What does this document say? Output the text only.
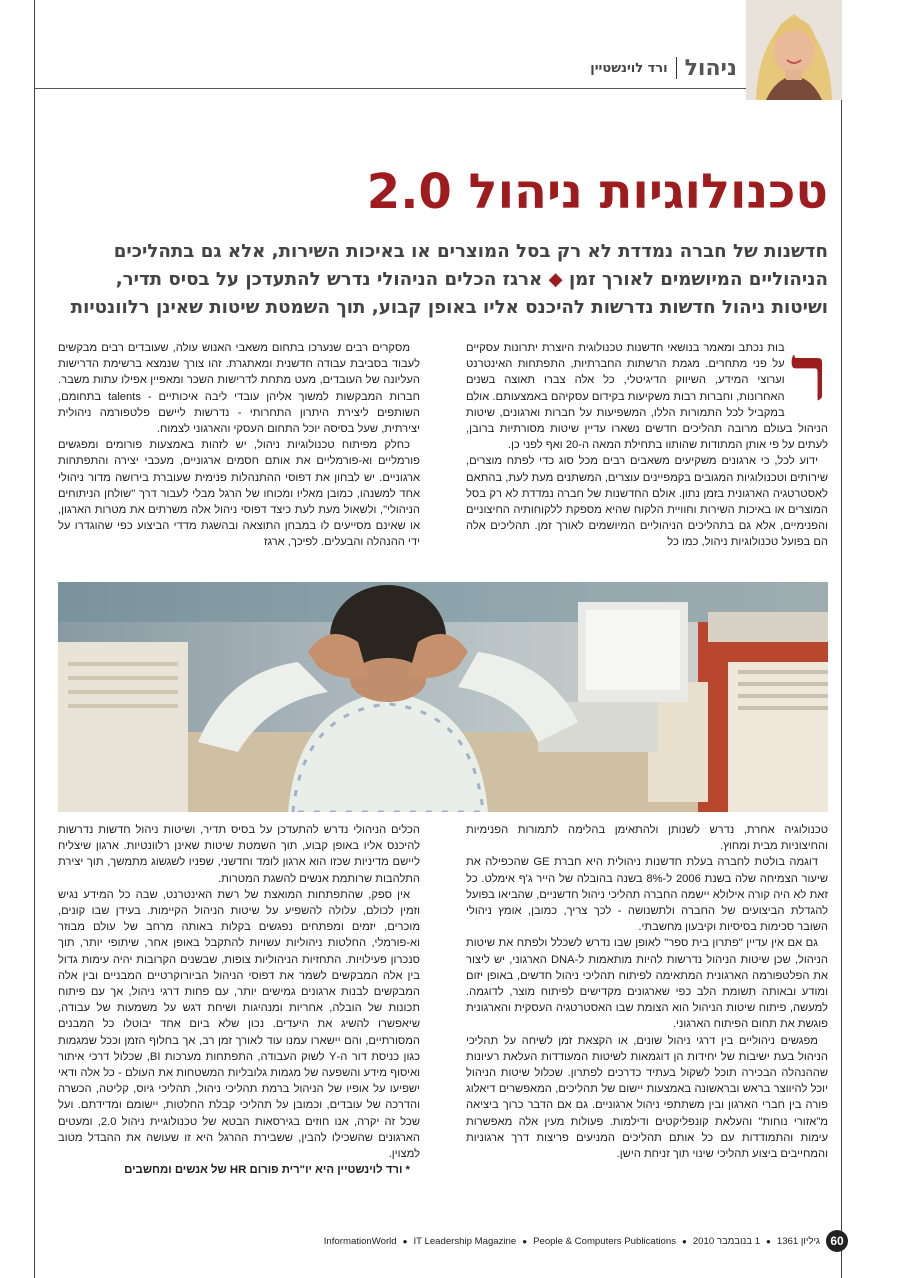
ניהול
ורד לוינשטיין
טכנולוגיות ניהול 2.0
חדשנות של חברה נמדדת לא רק בסל המוצרים או באיכות השירות, אלא גם בתהליכים הניהוליים המיושמים לאורך זמן ◆ ארגז הכלים הניהולי נדרש להתעדכן על בסיס תדיר, ושיטות ניהול חדשות נדרשות להיכנס אליו באופן קבוע, תוך השמטת שיטות שאינן רלוונטיות
ר

בות נכתב ומאמר בנושאי חדשנות טכנולוגית היוצרת יתרונות עסקיים על פני מתחרים. מגמת הרשתות החברתיות, התפתחות האינטרנט וערוצי המידע, השיווק הדיגיטלי, כל אלה צברו תאוצה בשנים האחרונות, וחברות רבות משקיעות בקידום עסקיהם באמצעותם. אולם במקביל לכל התמורות הללו, המשפיעות על חברות וארגונים, שיטות הניהול בעולם מרובה תהליכים חדשים נשארו עדיין שיטות מסורתיות ברובן, לעתים על פי אותן המתודות שהותוו בתחילת המאה ה-20 ואף לפני כן.

ידוע לכל, כי ארגונים משקיעים משאבים רבים מכל סוג כדי לפתח מוצרים, שירותים וטכנולוגיות המגובים בקמפיינים עוצרים, המשתנים מעת לעת, בהתאם לאסטרטגיה הארגונית בזמן נתון. אולם החדשנות של חברה נמדדת לא רק בסל המוצרים או באיכות השירות וחוויית הלקוח שהיא מספקת ללקוחותיה החיצוניים והפנימיים, אלא גם בתהליכים הניהוליים המיושמים לאורך זמן. תהליכים אלה הם בפועל טכנולוגיות ניהול, כמו כל

מסקרים רבים שנערכו בתחום משאבי האנוש עולה, שעובדים רבים מבקשים לעבוד בסביבת עבודה חדשנית ומאתגרת. זהו צורך שנמצא ברשימת הדרישות העליונה של העובדים, מעט מתחת לדרישות השכר ומאפיין אפילו עתות משבר. חברות המבקשות למשוך אליהן עובדי ליבה איכותיים - talents בתחומם, השותפים ליצירת היתרון התחרותי - נדרשות ליישם פלטפורמה ניהולית יצירתית, שעל בסיסה יוכל התחום העסקי והארגוני לצמוח.

כחלק מפיתוח טכנולוגיות ניהול, יש לזהות באמצעות פורומים ומפגשים פורמליים וא-פורמליים את אותם חסמים ארגוניים, מעכבי יצירה והתפתחות ארגוניים. יש לבחון את דפוסי ההתנהלות פנימית שעוברת בירושה מדור ניהולי אחד למשנהו, כמובן מאליו ומכוחו של הרגל מבלי לעבור דרך "שולחן הניתוחים הניהולי", ולשאול מעת לעת כיצד דפוסי ניהול אלה משרתים את מטרות הארגון, או שאינם מסייעים לו במבחן התוצאה ובהשגת מדדי הביצוע כפי שהוגדרו על ידי ההנהלה והבעלים. לפיכך, ארגז

טכנולוגיה אחרת, נדרש לשנותן ולהתאימן בהלימה לתמורות הפנימיות והחיצוניות מבית ומחוץ.

דוגמה בולטת לחברה בעלת חדשנות ניהולית היא חברת GE שהכפילה את שיעור הצמיחה שלה בשנת 2006 ל-8% בשנה בהובלה של הייר ג'ף אימלט. כל זאת לא היה קורה אילולא יישמה החברה תהליכי ניהול חדשניים, שהביאו בפועל להגדלת הביצועים של החברה ולתשנושה - לכך צריך, כמובן, אומץ ניהולי השובר סכימות בסיסיות וקיבעון מחשבתי.

גם אם אין עדיין "פתרון בית ספר" לאופן שבו נדרש לשכלל ולפתח את שיטות הניהול, שכן שיטות הניהול נדרשות להיות מותאמות ל-DNA הארגוני, יש ליצור את הפלטפורמה הארגונית המתאימה לפיתוח תהליכי ניהול חדשים, באופן יזום ומודע ובאותה תשומת הלב כפי שארגונים מקדישים לפיתוח מוצר, לדוגמה. למעשה, פיתוח שיטות הניהול הוא הצומת שבו האסטרטגיה העסקית והארגונית פוגשת את תחום הפיתוח הארגוני.

מפגשים ניהוליים בין דרגי ניהול שונים, או הקצאת זמן לשיחה על תהליכי הניהול בעת ישיבות של יחידות הן דוגמאות לשיטות המעודדות העלאת רעיונות שההנהלה הבכירה תוכל לשקול בעתיד כדרכים לפתרון. שכלול שיטות הניהול יוכל להיווצר בראש ובראשונה באמצעות יישום של תהליכים, המאפשרים דיאלוג פורה בין חברי הארגון ובין משתתפי ניהול ארגוניים. גם אם הדבר כרוך ביציאה מ"אזורי נוחות" והעלאת קונפליקטים ודילמות. פעולות מעין אלה מאפשרות עימות והתמודדות עם כל אותם תהליכים המניעים פריצות דרך ארגוניות והמחייבים ביצוע תהליכי שינוי תוך זניחת הישן.

הכלים הניהולי נדרש להתעדכן על בסיס תדיר, ושיטות ניהול חדשות נדרשות להיכנס אליו באופן קבוע, תוך השמטת שיטות שאינן רלוונטיות. ארגון שיצליח ליישם מדיניות שכזו הוא ארגון לומד וחדשני, שפניו לשגשוג מתמשך, תוך יצירת התלהבות שרותמת אנשים להשגת המטרות.

אין ספק, שהתפתחות המואצת של רשת האינטרנט, שבה כל המידע נגיש וזמין לכולם, עלולה להשפיע על שיטות הניהול הקיימות. בעידן שבו קונים, מוכרים, יזמים ומפתחים נפגשים בקלות באותה מרחב של עולם מבוזר וא-פורמלי, החלטות ניהוליות עשויות להתקבל באופן אחר, שיתופי יותר, תוך סנכרון פעילויות. התחזיות הניהוליות צופות, שבשנים הקרובות יהיה עימות גדול בין אלה המבקשים לשמר את דפוסי הניהול הביורוקרטיים המבניים ובין אלה המבקשים לבנות ארגונים גמישים יותר, עם פחות דרגי ניהול, אך עם פיתוח תכונות של הובלה, אחריות ומנהיגות ושיחת דגש על משמעות של עבודה, שיאפשרו להשיג את היעדים. נכון שלא ביום אחד יבוטלו כל המבנים המסורתיים, והם יישארו עמנו עוד לאורך זמן רב, אך בחלוף הזמן וככל שמגמות כגון כניסת דור ה-Y לשוק העבודה, התפתחות מערכות BI, שכלול דרכי איתור ואיסוף מידע והשפעה של מגמות גלובליות המשטחות את העולם - כל אלה ודאי ישפיעו על אופיו של הניהול ברמת תהליכי ניהול, תהליכי גיוס, קליטה, הכשרה והדרכה של עובדים, וכמובן על תהליכי קבלת החלטות, יישומם ומדידתם. ועל שכל זה יקרה, אנו חוזים בגירסאות הבטא של טכנולוגיית ניהול 2.0, ומעטים הארגונים שהשכילו להבין, ששבירת ההרגל היא זו שעושה את ההבדל מטוב למצוין.

* ורד לוינשטיין היא יו"רית פורום HR של אנשים ומחשבים

60
גיליון 1361
●
1 בנובמבר 2010
●
People & Computers Publications
●
IT Leadership Magazine
●
InformationWorld
